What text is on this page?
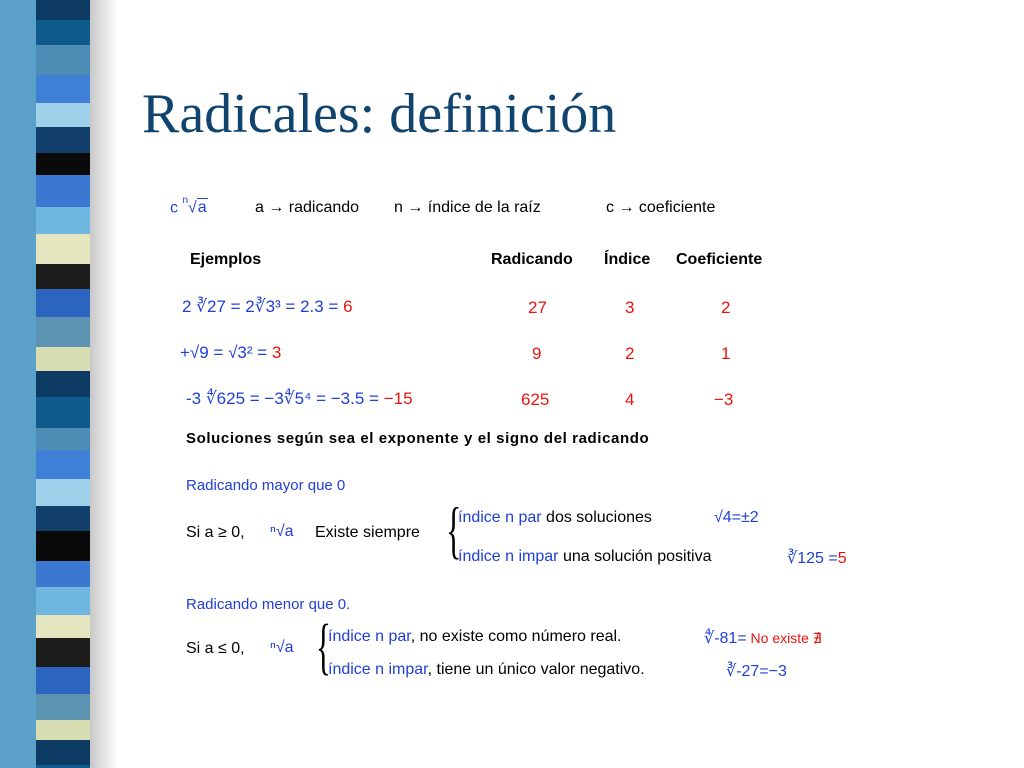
Radicales: definición
c $^n$√a	a → radicando n → índice de la raíz	c → coeficiente
Ejemplos	Radicando Índice Coeficiente
2 ∛27 = 2∛3³ = 2.3 = 6	27	3	2
+√9 = √3² = 3	9	2	1
-3 ∜625 = −3∜5⁴ = −3.5 = −15	625	4	−3
Soluciones según sea el exponente y el signo del radicando
Radicando mayor que 0
Si a ≥ 0, ⁿ√a Existe siempre {
índice n par dos soluciones	√4=±2
índice n impar una solución positiva	∛125 =5
Radicando menor que 0.
Si a ≤ 0, ⁿ√a {
índice n par, no existe como número real.	∜-81= No existe ∄
índice n impar, tiene un único valor negativo.	∛-27=−3
